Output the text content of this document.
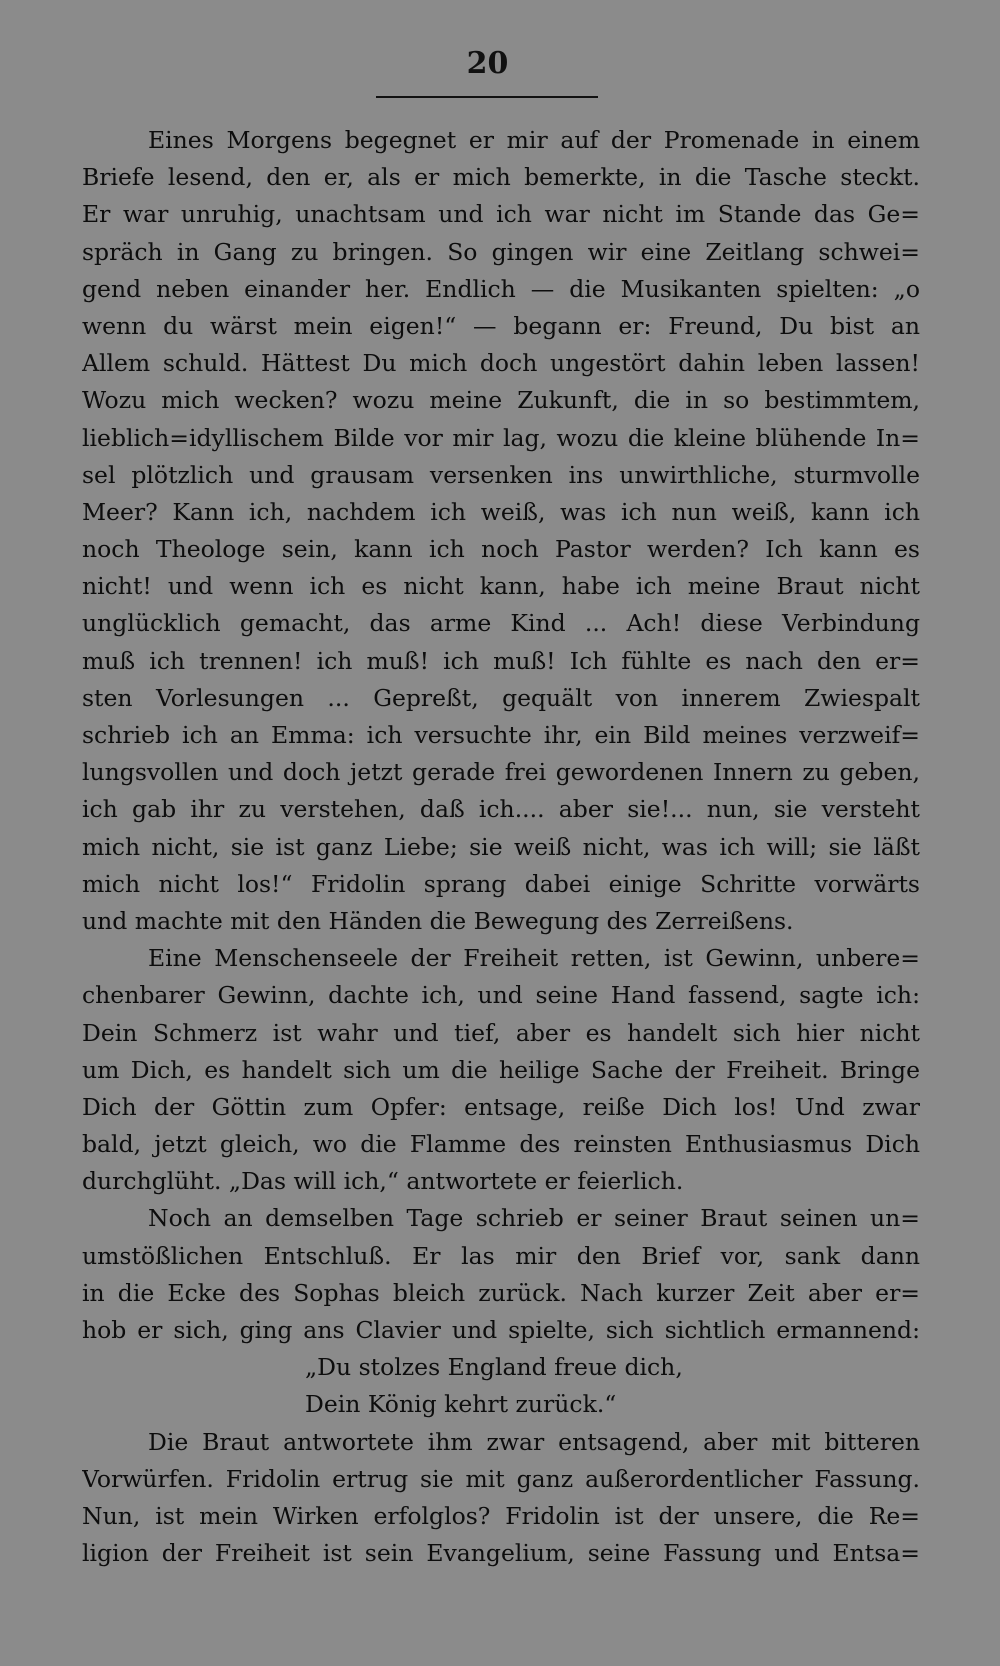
20

Eines Morgens begegnet er mir auf der Promenade in einem
Briefe lesend, den er, als er mich bemerkte, in die Tasche steckt.
Er war unruhig, unachtsam und ich war nicht im Stande das Ge=
spräch in Gang zu bringen. So gingen wir eine Zeitlang schwei=
gend neben einander her. Endlich — die Musikanten spielten: „o
wenn du wärst mein eigen!“ — begann er: Freund, Du bist an
Allem schuld. Hättest Du mich doch ungestört dahin leben lassen!
Wozu mich wecken? wozu meine Zukunft, die in so bestimmtem,
lieblich=idyllischem Bilde vor mir lag, wozu die kleine blühende In=
sel plötzlich und grausam versenken ins unwirthliche, sturmvolle
Meer? Kann ich, nachdem ich weiß, was ich nun weiß, kann ich
noch Theologe sein, kann ich noch Pastor werden? Ich kann es
nicht! und wenn ich es nicht kann, habe ich meine Braut nicht
unglücklich gemacht, das arme Kind ... Ach! diese Verbindung
muß ich trennen! ich muß! ich muß! Ich fühlte es nach den er=
sten Vorlesungen ... Gepreßt, gequält von innerem Zwiespalt
schrieb ich an Emma: ich versuchte ihr, ein Bild meines verzweif=
lungsvollen und doch jetzt gerade frei gewordenen Innern zu geben,
ich gab ihr zu verstehen, daß ich.... aber sie!... nun, sie versteht
mich nicht, sie ist ganz Liebe; sie weiß nicht, was ich will; sie läßt
mich nicht los!“ Fridolin sprang dabei einige Schritte vorwärts
und machte mit den Händen die Bewegung des Zerreißens.
Eine Menschenseele der Freiheit retten, ist Gewinn, unbere=
chenbarer Gewinn, dachte ich, und seine Hand fassend, sagte ich:
Dein Schmerz ist wahr und tief, aber es handelt sich hier nicht
um Dich, es handelt sich um die heilige Sache der Freiheit. Bringe
Dich der Göttin zum Opfer: entsage, reiße Dich los! Und zwar
bald, jetzt gleich, wo die Flamme des reinsten Enthusiasmus Dich
durchglüht. „Das will ich,“ antwortete er feierlich.
Noch an demselben Tage schrieb er seiner Braut seinen un=
umstößlichen Entschluß. Er las mir den Brief vor, sank dann
in die Ecke des Sophas bleich zurück. Nach kurzer Zeit aber er=
hob er sich, ging ans Clavier und spielte, sich sichtlich ermannend:
„Du stolzes England freue dich,
Dein König kehrt zurück.“
Die Braut antwortete ihm zwar entsagend, aber mit bitteren
Vorwürfen. Fridolin ertrug sie mit ganz außerordentlicher Fassung.
Nun, ist mein Wirken erfolglos? Fridolin ist der unsere, die Re=
ligion der Freiheit ist sein Evangelium, seine Fassung und Entsa=
